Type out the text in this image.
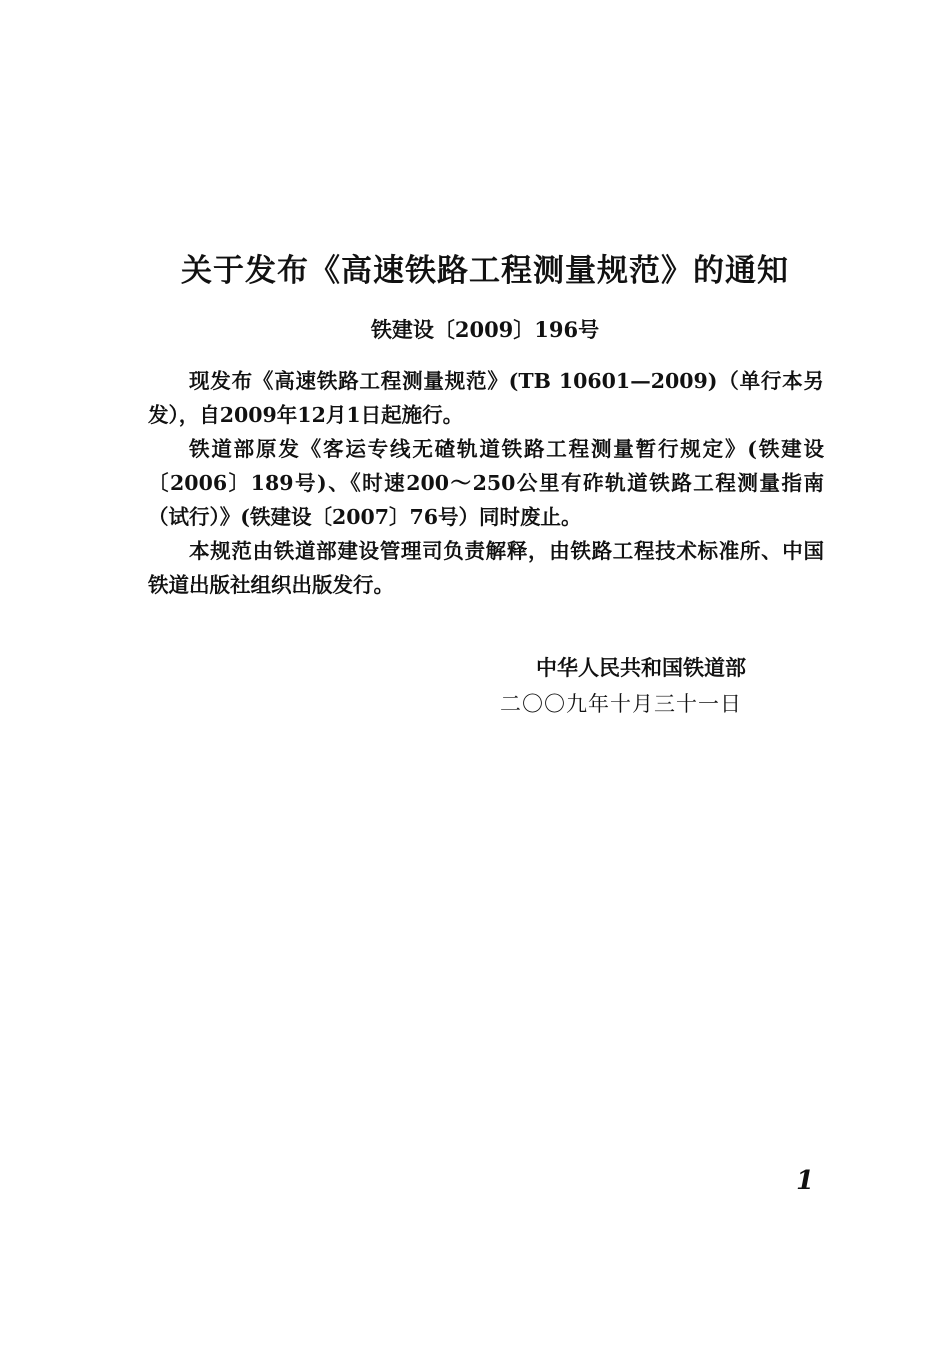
关于发布《高速铁路工程测量规范》的通知
铁建设〔2009〕196号

现发布《高速铁路工程测量规范》(TB 10601—2009)（单行本另发），自2009年12月1日起施行。

铁道部原发《客运专线无碴轨道铁路工程测量暂行规定》(铁建设〔2006〕189号)、《时速200～250公里有砟轨道铁路工程测量指南（试行）》(铁建设〔2007〕76号）同时废止。

本规范由铁道部建设管理司负责解释，由铁路工程技术标准所、中国铁道出版社组织出版发行。

中华人民共和国铁道部
二〇〇九年十月三十一日
1
